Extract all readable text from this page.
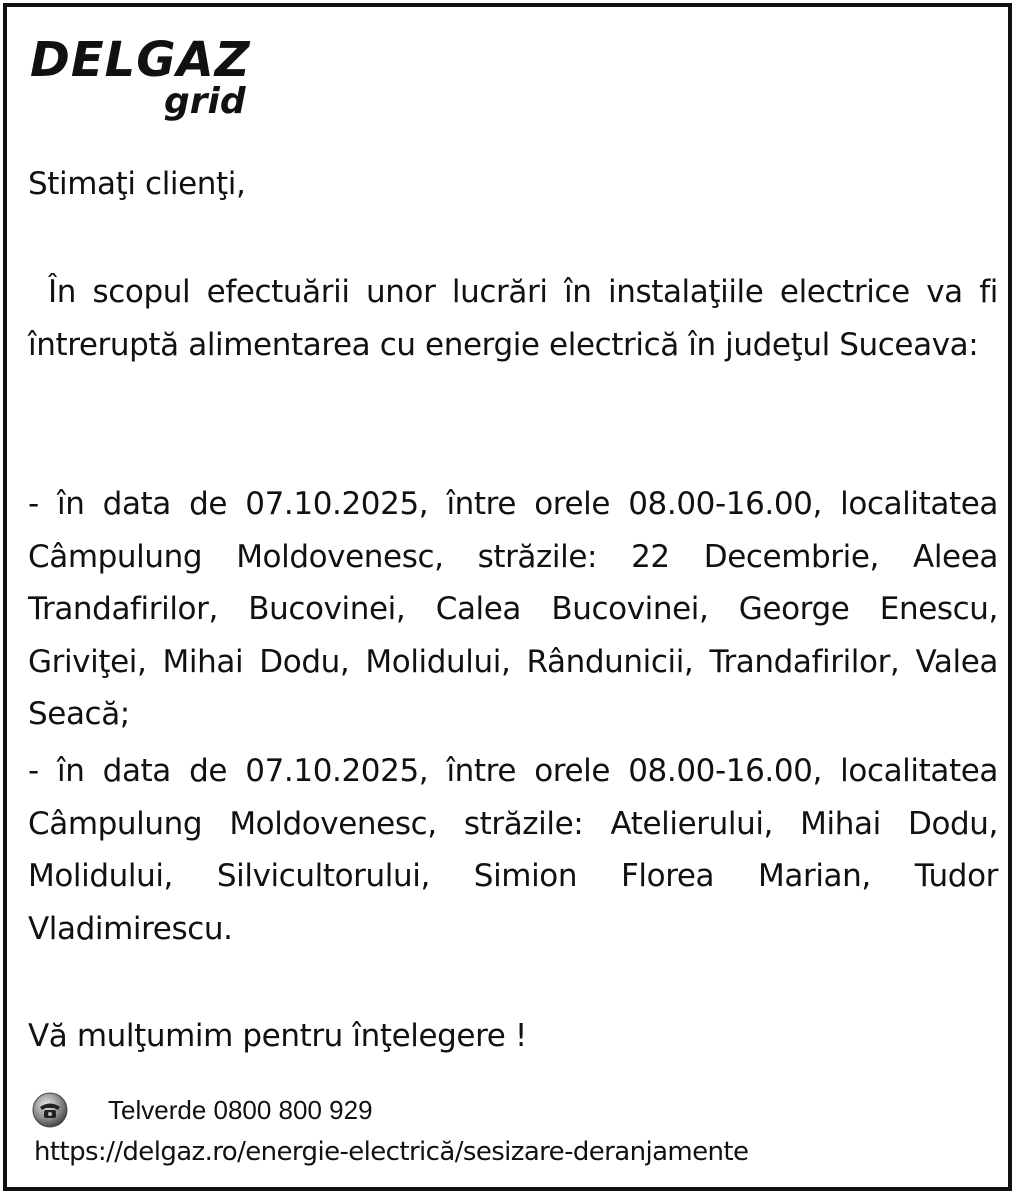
DELGAZ
grid
Stimaţi clienţi,
În scopul efectuării unor lucrări în instalaţiile electrice va fi întreruptă alimentarea cu energie electrică în judeţul Suceava:
- în data de 07.10.2025, între orele 08.00-16.00, localitatea Câmpulung Moldovenesc, străzile: 22 Decembrie, Aleea Trandafirilor, Bucovinei, Calea Bucovinei, George Enescu, Griviţei, Mihai Dodu, Molidului, Rândunicii, Trandafirilor, Valea Seacă;
- în data de 07.10.2025, între orele 08.00-16.00, localitatea Câmpulung Moldovenesc, străzile: Atelierului, Mihai Dodu, Molidului, Silvicultorului, Simion Florea Marian, Tudor Vladimirescu.
Vă mulţumim pentru înţelegere !
Telverde 0800 800 929
https://delgaz.ro/energie-electrică/sesizare-deranjamente
